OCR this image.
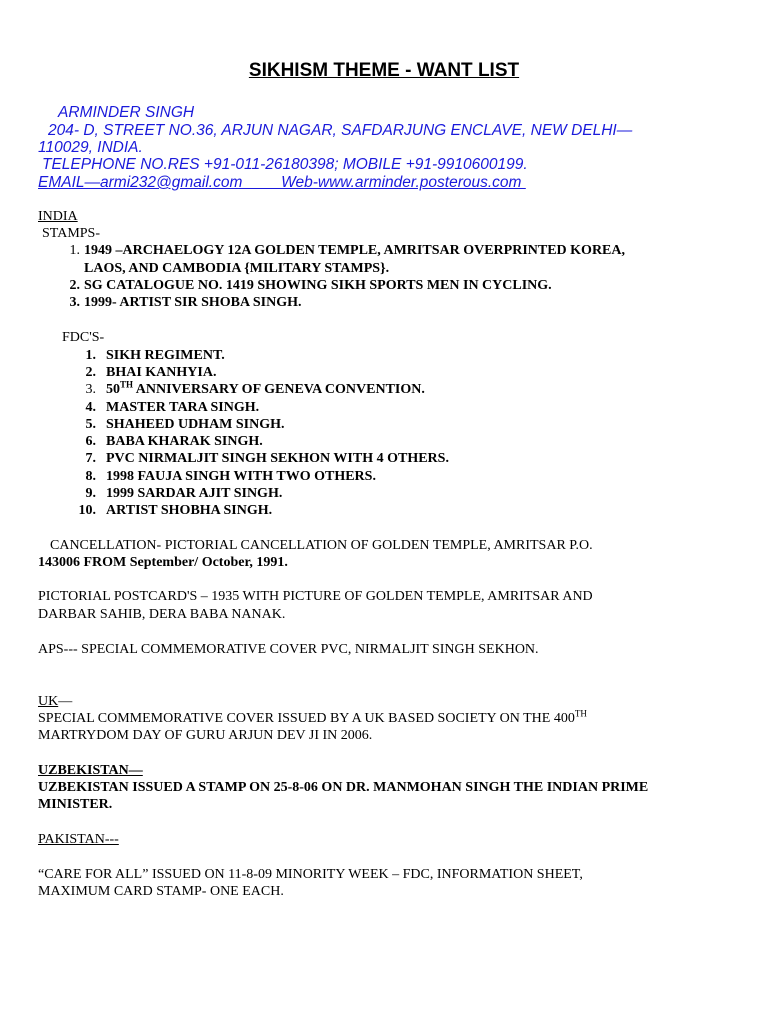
SIKHISM THEME - WANT LIST
ARMINDER SINGH
204- D, STREET NO.36, ARJUN NAGAR, SAFDARJUNG ENCLAVE, NEW DELHI—
110029, INDIA.
TELEPHONE NO.RES +91-011-26180398; MOBILE +91-9910600199.
EMAIL—armi232@gmail.com         Web-www.arminder.posterous.com
INDIA
STAMPS-
1. 1949 –ARCHAELOGY 12A GOLDEN TEMPLE, AMRITSAR OVERPRINTED KOREA,
LAOS, AND CAMBODIA {MILITARY STAMPS}.
2. SG CATALOGUE NO. 1419 SHOWING SIKH SPORTS MEN IN CYCLING.
3. 1999- ARTIST SIR SHOBA SINGH.
FDC'S-
1. SIKH REGIMENT.
2. BHAI KANHYIA.
3. 50TH ANNIVERSARY OF GENEVA CONVENTION.
4. MASTER TARA SINGH.
5. SHAHEED UDHAM SINGH.
6. BABA KHARAK SINGH.
7. PVC NIRMALJIT SINGH SEKHON WITH 4 OTHERS.
8. 1998 FAUJA SINGH WITH TWO OTHERS.
9. 1999 SARDAR AJIT SINGH.
10. ARTIST SHOBHA SINGH.
CANCELLATION- PICTORIAL CANCELLATION OF GOLDEN TEMPLE, AMRITSAR P.O.
143006 FROM September/ October, 1991.
PICTORIAL POSTCARD'S – 1935 WITH PICTURE OF GOLDEN TEMPLE, AMRITSAR AND
DARBAR SAHIB, DERA BABA NANAK.
APS--- SPECIAL COMMEMORATIVE COVER PVC, NIRMALJIT SINGH SEKHON.
UK—
SPECIAL COMMEMORATIVE COVER ISSUED BY A UK BASED SOCIETY ON THE 400TH
MARTRYDOM DAY OF GURU ARJUN DEV JI IN 2006.
UZBEKISTAN—
UZBEKISTAN ISSUED A STAMP ON 25-8-06 ON DR. MANMOHAN SINGH THE INDIAN PRIME
MINISTER.
PAKISTAN---
“CARE FOR ALL” ISSUED ON 11-8-09 MINORITY WEEK – FDC, INFORMATION SHEET,
MAXIMUM CARD STAMP- ONE EACH.
